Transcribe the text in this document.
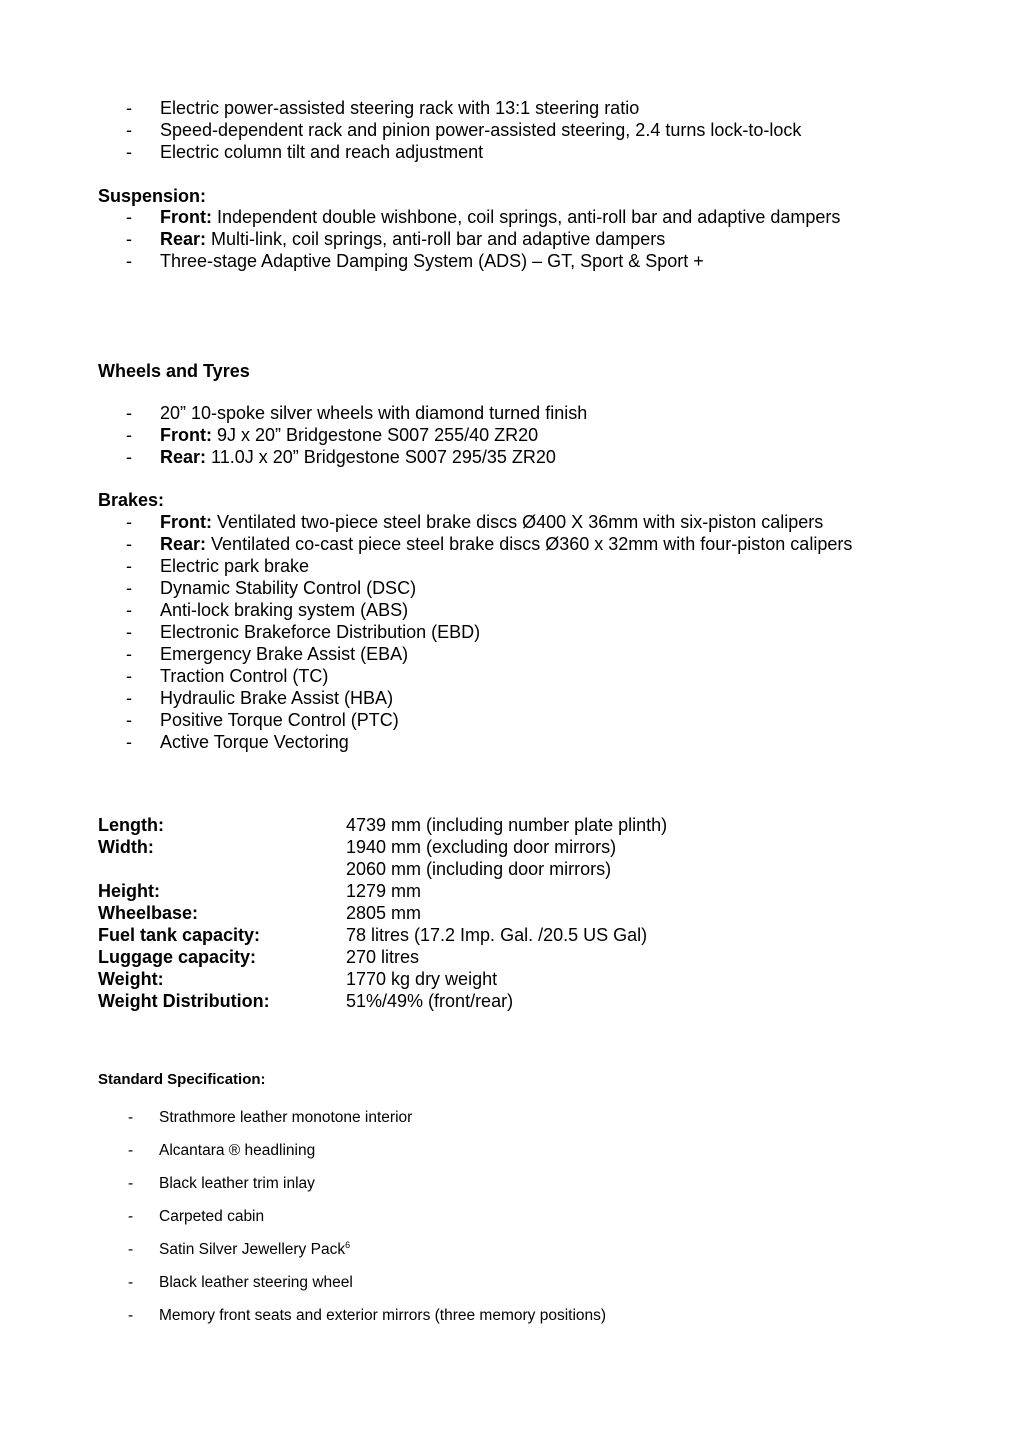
- Electric power-assisted steering rack with 13:1 steering ratio
- Speed-dependent rack and pinion power-assisted steering, 2.4 turns lock-to-lock
- Electric column tilt and reach adjustment
Suspension:
- Front: Independent double wishbone, coil springs, anti-roll bar and adaptive dampers
- Rear: Multi-link, coil springs, anti-roll bar and adaptive dampers
- Three-stage Adaptive Damping System (ADS) – GT, Sport & Sport +
Wheels and Tyres
- 20” 10-spoke silver wheels with diamond turned finish
- Front: 9J x 20” Bridgestone S007 255/40 ZR20
- Rear: 11.0J x 20” Bridgestone S007 295/35 ZR20
Brakes:
- Front: Ventilated two-piece steel brake discs Ø400 X 36mm with six-piston calipers
- Rear: Ventilated co-cast piece steel brake discs Ø360 x 32mm with four-piston calipers
- Electric park brake
- Dynamic Stability Control (DSC)
- Anti-lock braking system (ABS)
- Electronic Brakeforce Distribution (EBD)
- Emergency Brake Assist (EBA)
- Traction Control (TC)
- Hydraulic Brake Assist (HBA)
- Positive Torque Control (PTC)
- Active Torque Vectoring
Length:	4739 mm (including number plate plinth)
Width:	1940 mm (excluding door mirrors)
2060 mm (including door mirrors)
Height:	1279 mm
Wheelbase:	2805 mm
Fuel tank capacity:	78 litres (17.2 Imp. Gal. /20.5 US Gal)
Luggage capacity:	270 litres
Weight:	1770 kg dry weight
Weight Distribution:	51%/49% (front/rear)
Standard Specification:
- Strathmore leather monotone interior
- Alcantara ® headlining
- Black leather trim inlay
- Carpeted cabin
- Satin Silver Jewellery Pack$^6$
- Black leather steering wheel
- Memory front seats and exterior mirrors (three memory positions)
